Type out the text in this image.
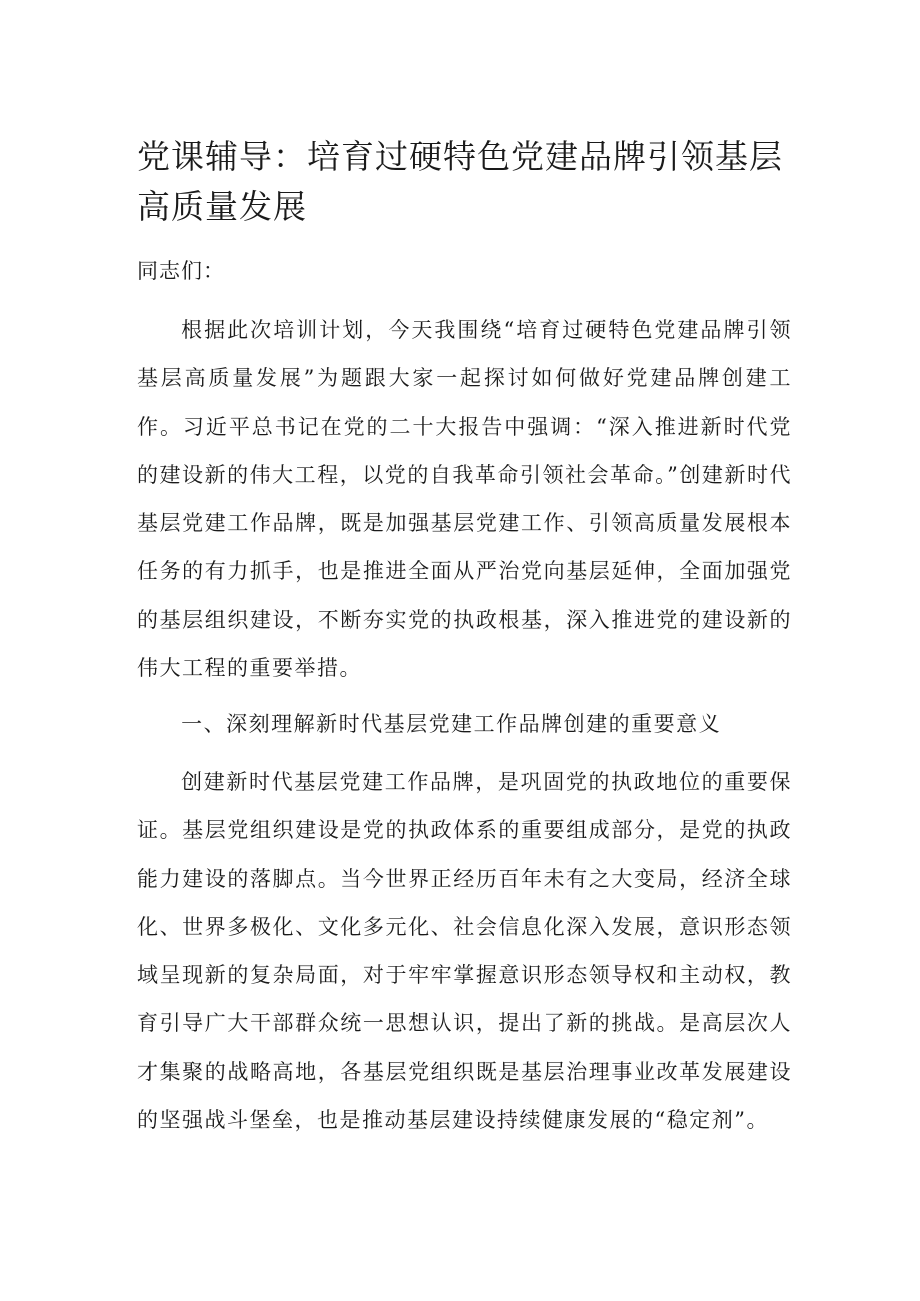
党课辅导：培育过硬特色党建品牌引领基层高质量发展

同志们：

根据此次培训计划，今天我围绕“培育过硬特色党建品牌引领基层高质量发展”为题跟大家一起探讨如何做好党建品牌创建工作。习近平总书记在党的二十大报告中强调：“深入推进新时代党的建设新的伟大工程，以党的自我革命引领社会革命。”创建新时代基层党建工作品牌，既是加强基层党建工作、引领高质量发展根本任务的有力抓手，也是推进全面从严治党向基层延伸，全面加强党的基层组织建设，不断夯实党的执政根基，深入推进党的建设新的伟大工程的重要举措。

一、深刻理解新时代基层党建工作品牌创建的重要意义

创建新时代基层党建工作品牌，是巩固党的执政地位的重要保证。基层党组织建设是党的执政体系的重要组成部分，是党的执政能力建设的落脚点。当今世界正经历百年未有之大变局，经济全球化、世界多极化、文化多元化、社会信息化深入发展，意识形态领域呈现新的复杂局面，对于牢牢掌握意识形态领导权和主动权，教育引导广大干部群众统一思想认识，提出了新的挑战。是高层次人才集聚的战略高地，各基层党组织既是基层治理事业改革发展建设的坚强战斗堡垒，也是推动基层建设持续健康发展的“稳定剂”。
